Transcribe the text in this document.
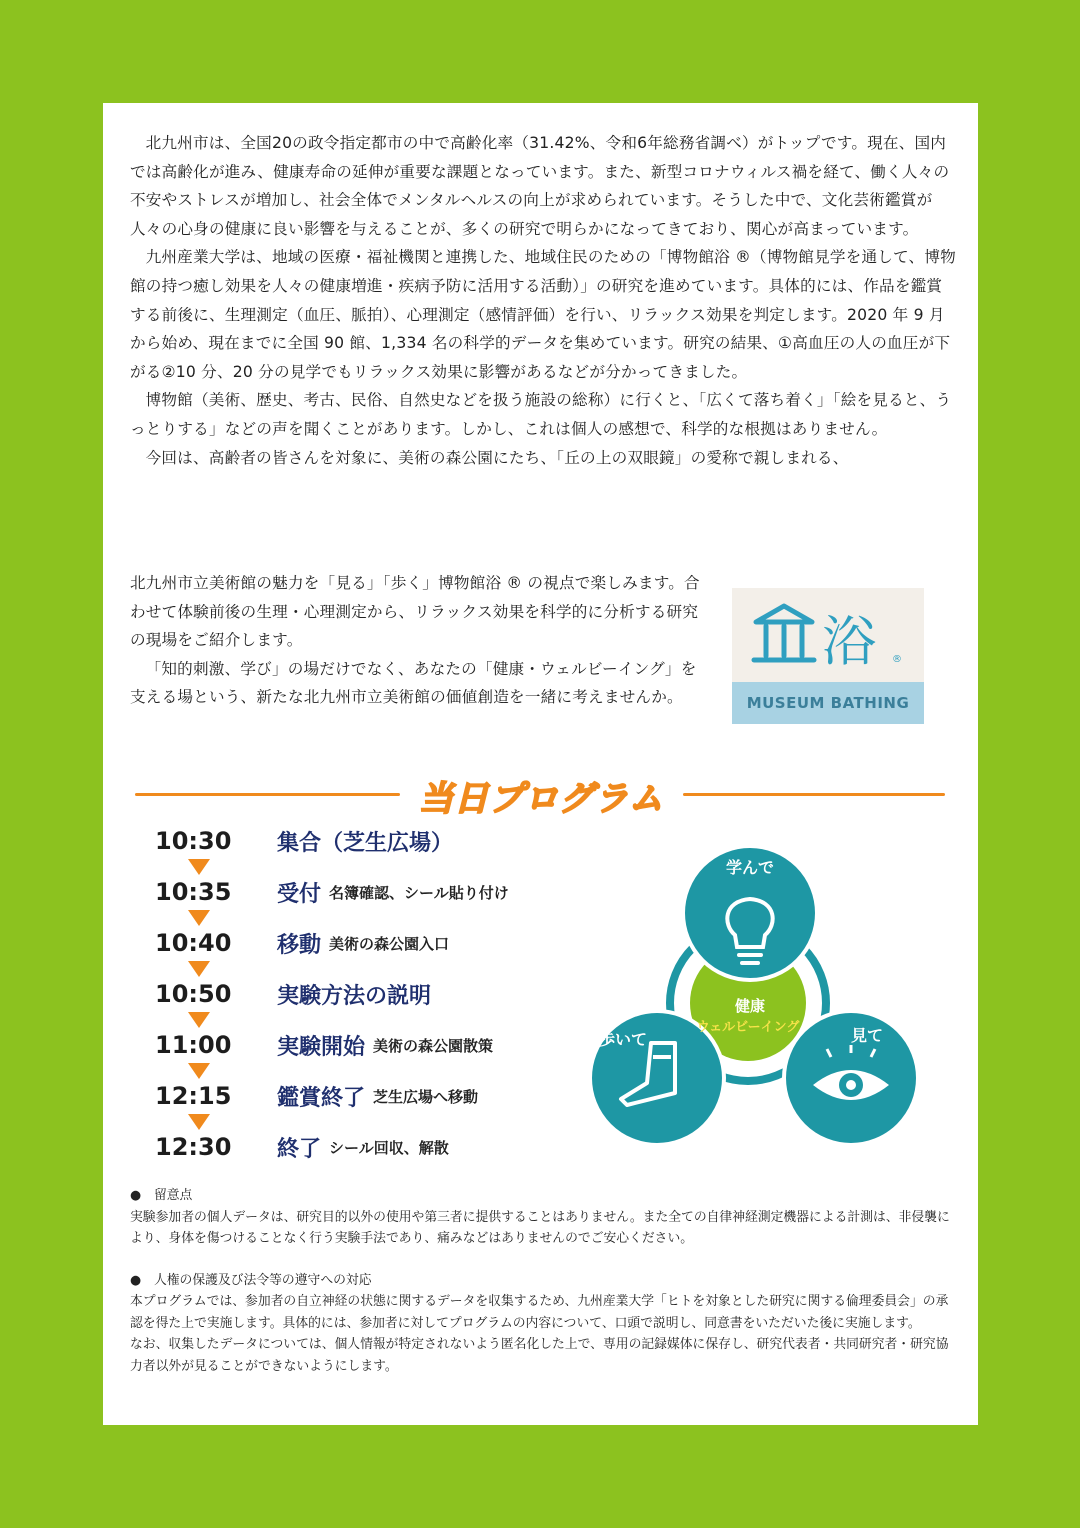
北九州市は、全国20の政令指定都市の中で高齢化率（31.42%、令和6年総務省調べ）がトップです。現在、国内では高齢化が進み、健康寿命の延伸が重要な課題となっています。また、新型コロナウィルス禍を経て、働く人々の不安やストレスが増加し、社会全体でメンタルヘルスの向上が求められています。そうした中で、文化芸術鑑賞が人々の心身の健康に良い影響を与えることが、多くの研究で明らかになってきており、関心が高まっています。

九州産業大学は、地域の医療・福祉機関と連携した、地域住民のための「博物館浴 ®（博物館見学を通して、博物館の持つ癒し効果を人々の健康増進・疾病予防に活用する活動）」の研究を進めています。具体的には、作品を鑑賞する前後に、生理測定（血圧、脈拍）、心理測定（感情評価）を行い、リラックス効果を判定します。2020 年 9 月から始め、現在までに全国 90 館、1,334 名の科学的データを集めています。研究の結果、①高血圧の人の血圧が下がる②10 分、20 分の見学でもリラックス効果に影響があるなどが分かってきました。

博物館（美術、歴史、考古、民俗、自然史などを扱う施設の総称）に行くと、「広くて落ち着く」「絵を見ると、うっとりする」などの声を聞くことがあります。しかし、これは個人の感想で、科学的な根拠はありません。

今回は、高齢者の皆さんを対象に、美術の森公園にたち、「丘の上の双眼鏡」の愛称で親しまれる、

北九州市立美術館の魅力を「見る」「歩く」博物館浴 ® の視点で楽しみます。合わせて体験前後の生理・心理測定から、リラックス効果を科学的に分析する研究の現場をご紹介します。

「知的刺激、学び」の場だけでなく、あなたの「健康・ウェルビーイング」を支える場という、新たな北九州市立美術館の価値創造を一緒に考えませんか。

浴 ®
MUSEUM BATHING
当日プログラム
10:30	集合（芝生広場）
10:35	受付 名簿確認、シール貼り付け
10:40	移動 美術の森公園入口
10:50	実験方法の説明
11:00	実験開始 美術の森公園散策
12:15	鑑賞終了 芝生広場へ移動
12:30	終了 シール回収、解散
学んで
歩いて	見て
健康
ウェルビーイング

●　留意点

実験参加者の個人データは、研究目的以外の使用や第三者に提供することはありません。また全ての自律神経測定機器による計測は、非侵襲により、身体を傷つけることなく行う実験手法であり、痛みなどはありませんのでご安心ください。

●　人権の保護及び法令等の遵守への対応

本プログラムでは、参加者の自立神経の状態に関するデータを収集するため、九州産業大学「ヒトを対象とした研究に関する倫理委員会」の承認を得た上で実施します。具体的には、参加者に対してプログラムの内容について、口頭で説明し、同意書をいただいた後に実施します。

なお、収集したデータについては、個人情報が特定されないよう匿名化した上で、専用の記録媒体に保存し、研究代表者・共同研究者・研究協力者以外が見ることができないようにします。
